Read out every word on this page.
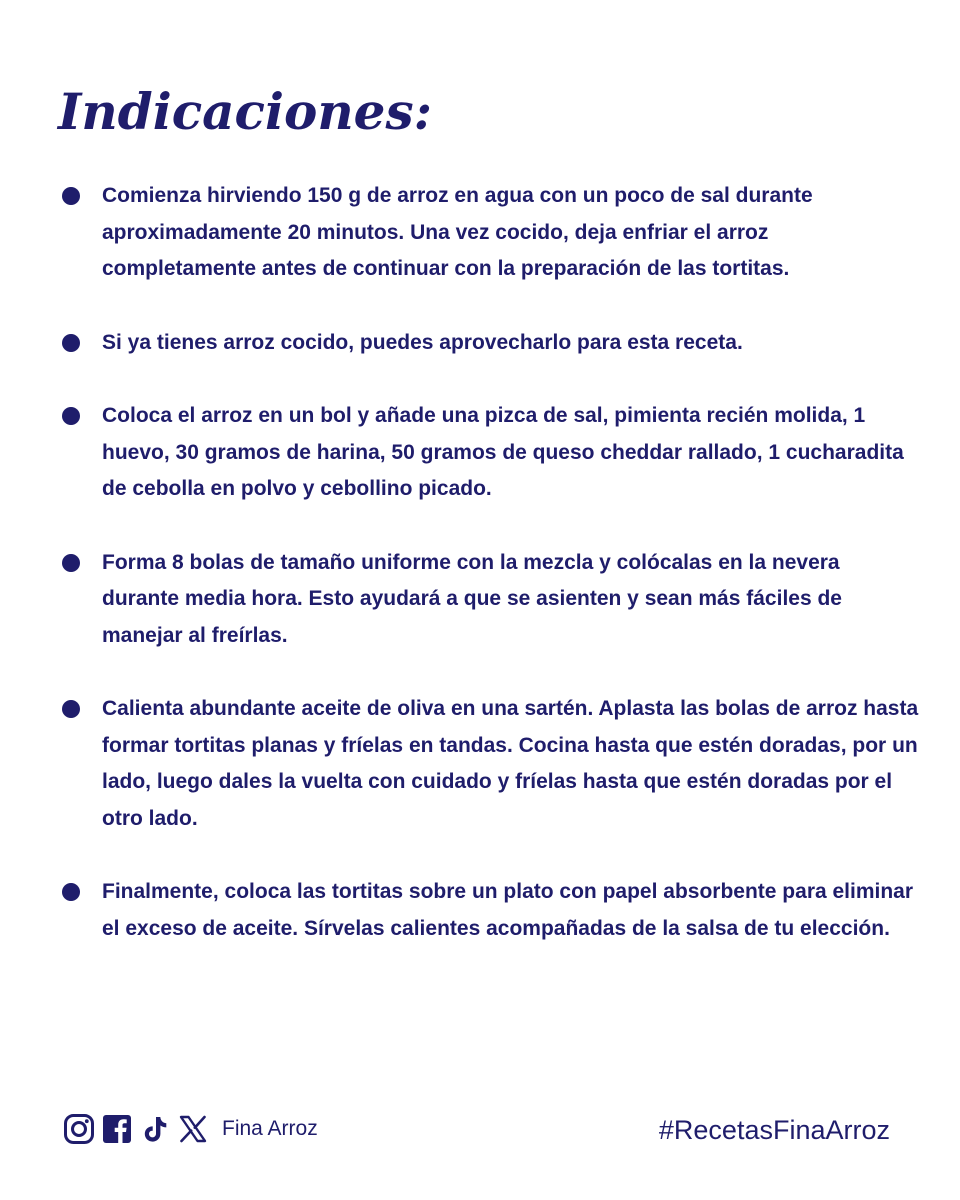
Indicaciones:
Comienza hirviendo 150 g de arroz en agua con un poco de sal durante aproximadamente 20 minutos. Una vez cocido, deja enfriar el arroz completamente antes de continuar con la preparación de las tortitas.
Si ya tienes arroz cocido, puedes aprovecharlo para esta receta.
Coloca el arroz en un bol y añade una pizca de sal, pimienta recién molida, 1 huevo, 30 gramos de harina, 50 gramos de queso cheddar rallado, 1 cucharadita de cebolla en polvo y cebollino picado.
Forma 8 bolas de tamaño uniforme con la mezcla y colócalas en la nevera durante media hora. Esto ayudará a que se asienten y sean más fáciles de manejar al freírlas.
Calienta abundante aceite de oliva en una sartén. Aplasta las bolas de arroz hasta formar tortitas planas y fríelas en tandas. Cocina hasta que estén doradas, por un lado, luego dales la vuelta con cuidado y fríelas hasta que estén doradas por el otro lado.
Finalmente, coloca las tortitas sobre un plato con papel absorbente para eliminar el exceso de aceite. Sírvelas calientes acompañadas de la salsa de tu elección.
Fina Arroz	#RecetasFinaArroz
